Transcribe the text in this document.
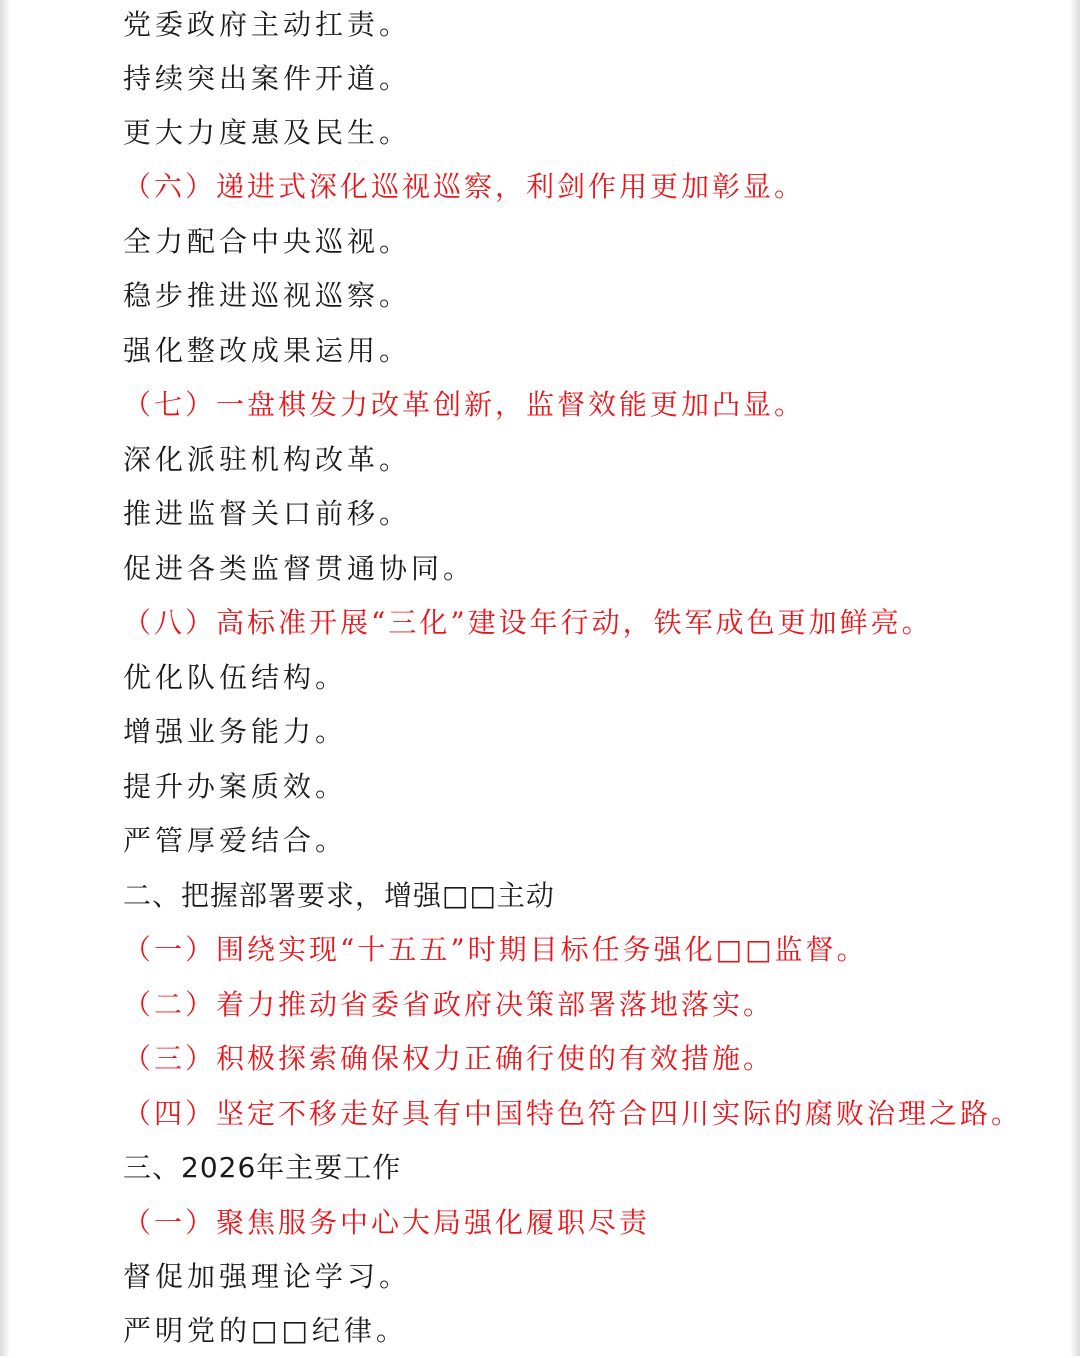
党委政府主动扛责。
持续突出案件开道。
更大力度惠及民生。
（六）递进式深化巡视巡察，利剑作用更加彰显。
全力配合中央巡视。
稳步推进巡视巡察。
强化整改成果运用。
（七）一盘棋发力改革创新，监督效能更加凸显。
深化派驻机构改革。
推进监督关口前移。
促进各类监督贯通协同。
（八）高标准开展“三化”建设年行动，铁军成色更加鲜亮。
优化队伍结构。
增强业务能力。
提升办案质效。
严管厚爱结合。
二、把握部署要求，增强□□主动
（一）围绕实现“十五五”时期目标任务强化□□监督。
（二）着力推动省委省政府决策部署落地落实。
（三）积极探索确保权力正确行使的有效措施。
（四）坚定不移走好具有中国特色符合四川实际的腐败治理之路。
三、2026年主要工作
（一）聚焦服务中心大局强化履职尽责
督促加强理论学习。
严明党的□□纪律。
